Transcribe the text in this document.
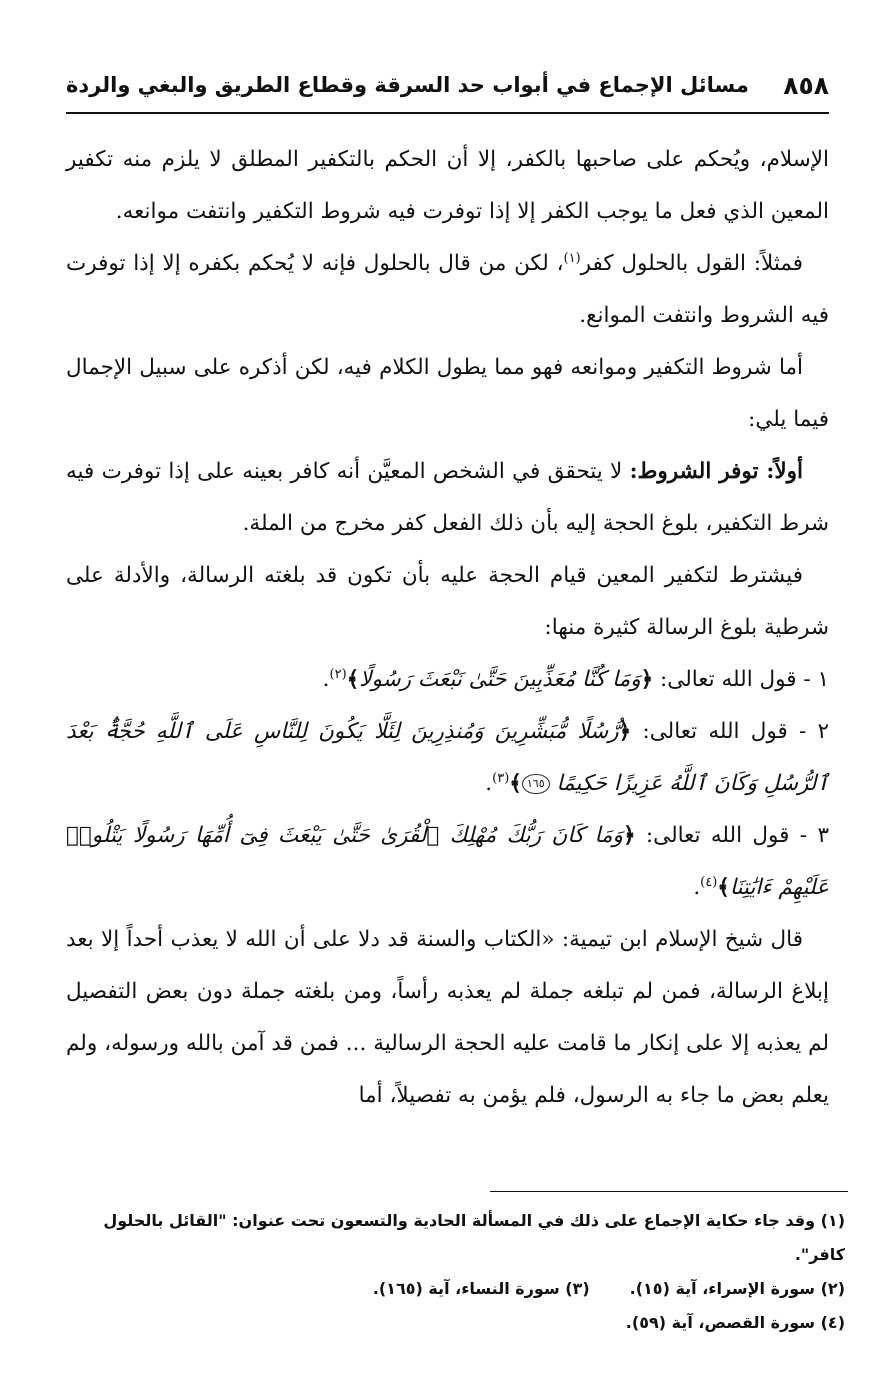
٨٥٨
مسائل الإجماع في أبواب حد السرقة وقطاع الطريق والبغي والردة

الإسلام، ويُحكم على صاحبها بالكفر، إلا أن الحكم بالتكفير المطلق لا يلزم منه تكفير المعين الذي فعل ما يوجب الكفر إلا إذا توفرت فيه شروط التكفير وانتفت موانعه.

فمثلاً: القول بالحلول كفر$^{(١)}$، لكن من قال بالحلول فإنه لا يُحكم بكفره إلا إذا توفرت فيه الشروط وانتفت الموانع.

أما شروط التكفير وموانعه فهو مما يطول الكلام فيه، لكن أذكره على سبيل الإجمال فيما يلي:

أولاً: توفر الشروط: لا يتحقق في الشخص المعيَّن أنه كافر بعينه على إذا توفرت فيه شرط التكفير، بلوغ الحجة إليه بأن ذلك الفعل كفر مخرج من الملة.

فيشترط لتكفير المعين قيام الحجة عليه بأن تكون قد بلغته الرسالة، والأدلة على شرطية بلوغ الرسالة كثيرة منها:

١ - قول الله تعالى: ﴿وَمَا كُنَّا مُعَذِّبِينَ حَتَّىٰ نَبْعَثَ رَسُولًا﴾$^{(٢)}$.

٢ - قول الله تعالى: ﴿رُّسُلًا مُّبَشِّرِينَ وَمُنذِرِينَ لِئَلَّا يَكُونَ لِلنَّاسِ عَلَى ٱللَّهِ حُجَّةٌۢ بَعْدَ ٱلرُّسُلِ وَكَانَ ٱللَّهُ عَزِيزًا حَكِيمًا ١٦٥﴾$^{(٣)}$.

٣ - قول الله تعالى: ﴿وَمَا كَانَ رَبُّكَ مُهْلِكَ ٱلْقُرَىٰ حَتَّىٰ يَبْعَثَ فِىٓ أُمِّهَا رَسُولًا يَتْلُوا۟ عَلَيْهِمْ ءَايَٰتِنَا﴾$^{(٤)}$.

قال شيخ الإسلام ابن تيمية: «الكتاب والسنة قد دلا على أن الله لا يعذب أحداً إلا بعد إبلاغ الرسالة، فمن لم تبلغه جملة لم يعذبه رأساً، ومن بلغته جملة دون بعض التفصيل لم يعذبه إلا على إنكار ما قامت عليه الحجة الرسالية ... فمن قد آمن بالله ورسوله، ولم يعلم بعض ما جاء به الرسول، فلم يؤمن به تفصيلاً، أما

(١) وقد جاء حكاية الإجماع على ذلك في المسألة الحادية والتسعون تحت عنوان: "القائل بالحلول كافر".

(٢) سورة الإسراء، آية (١٥).
(٣) سورة النساء، آية (١٦٥).

(٤) سورة القصص، آية (٥٩).
